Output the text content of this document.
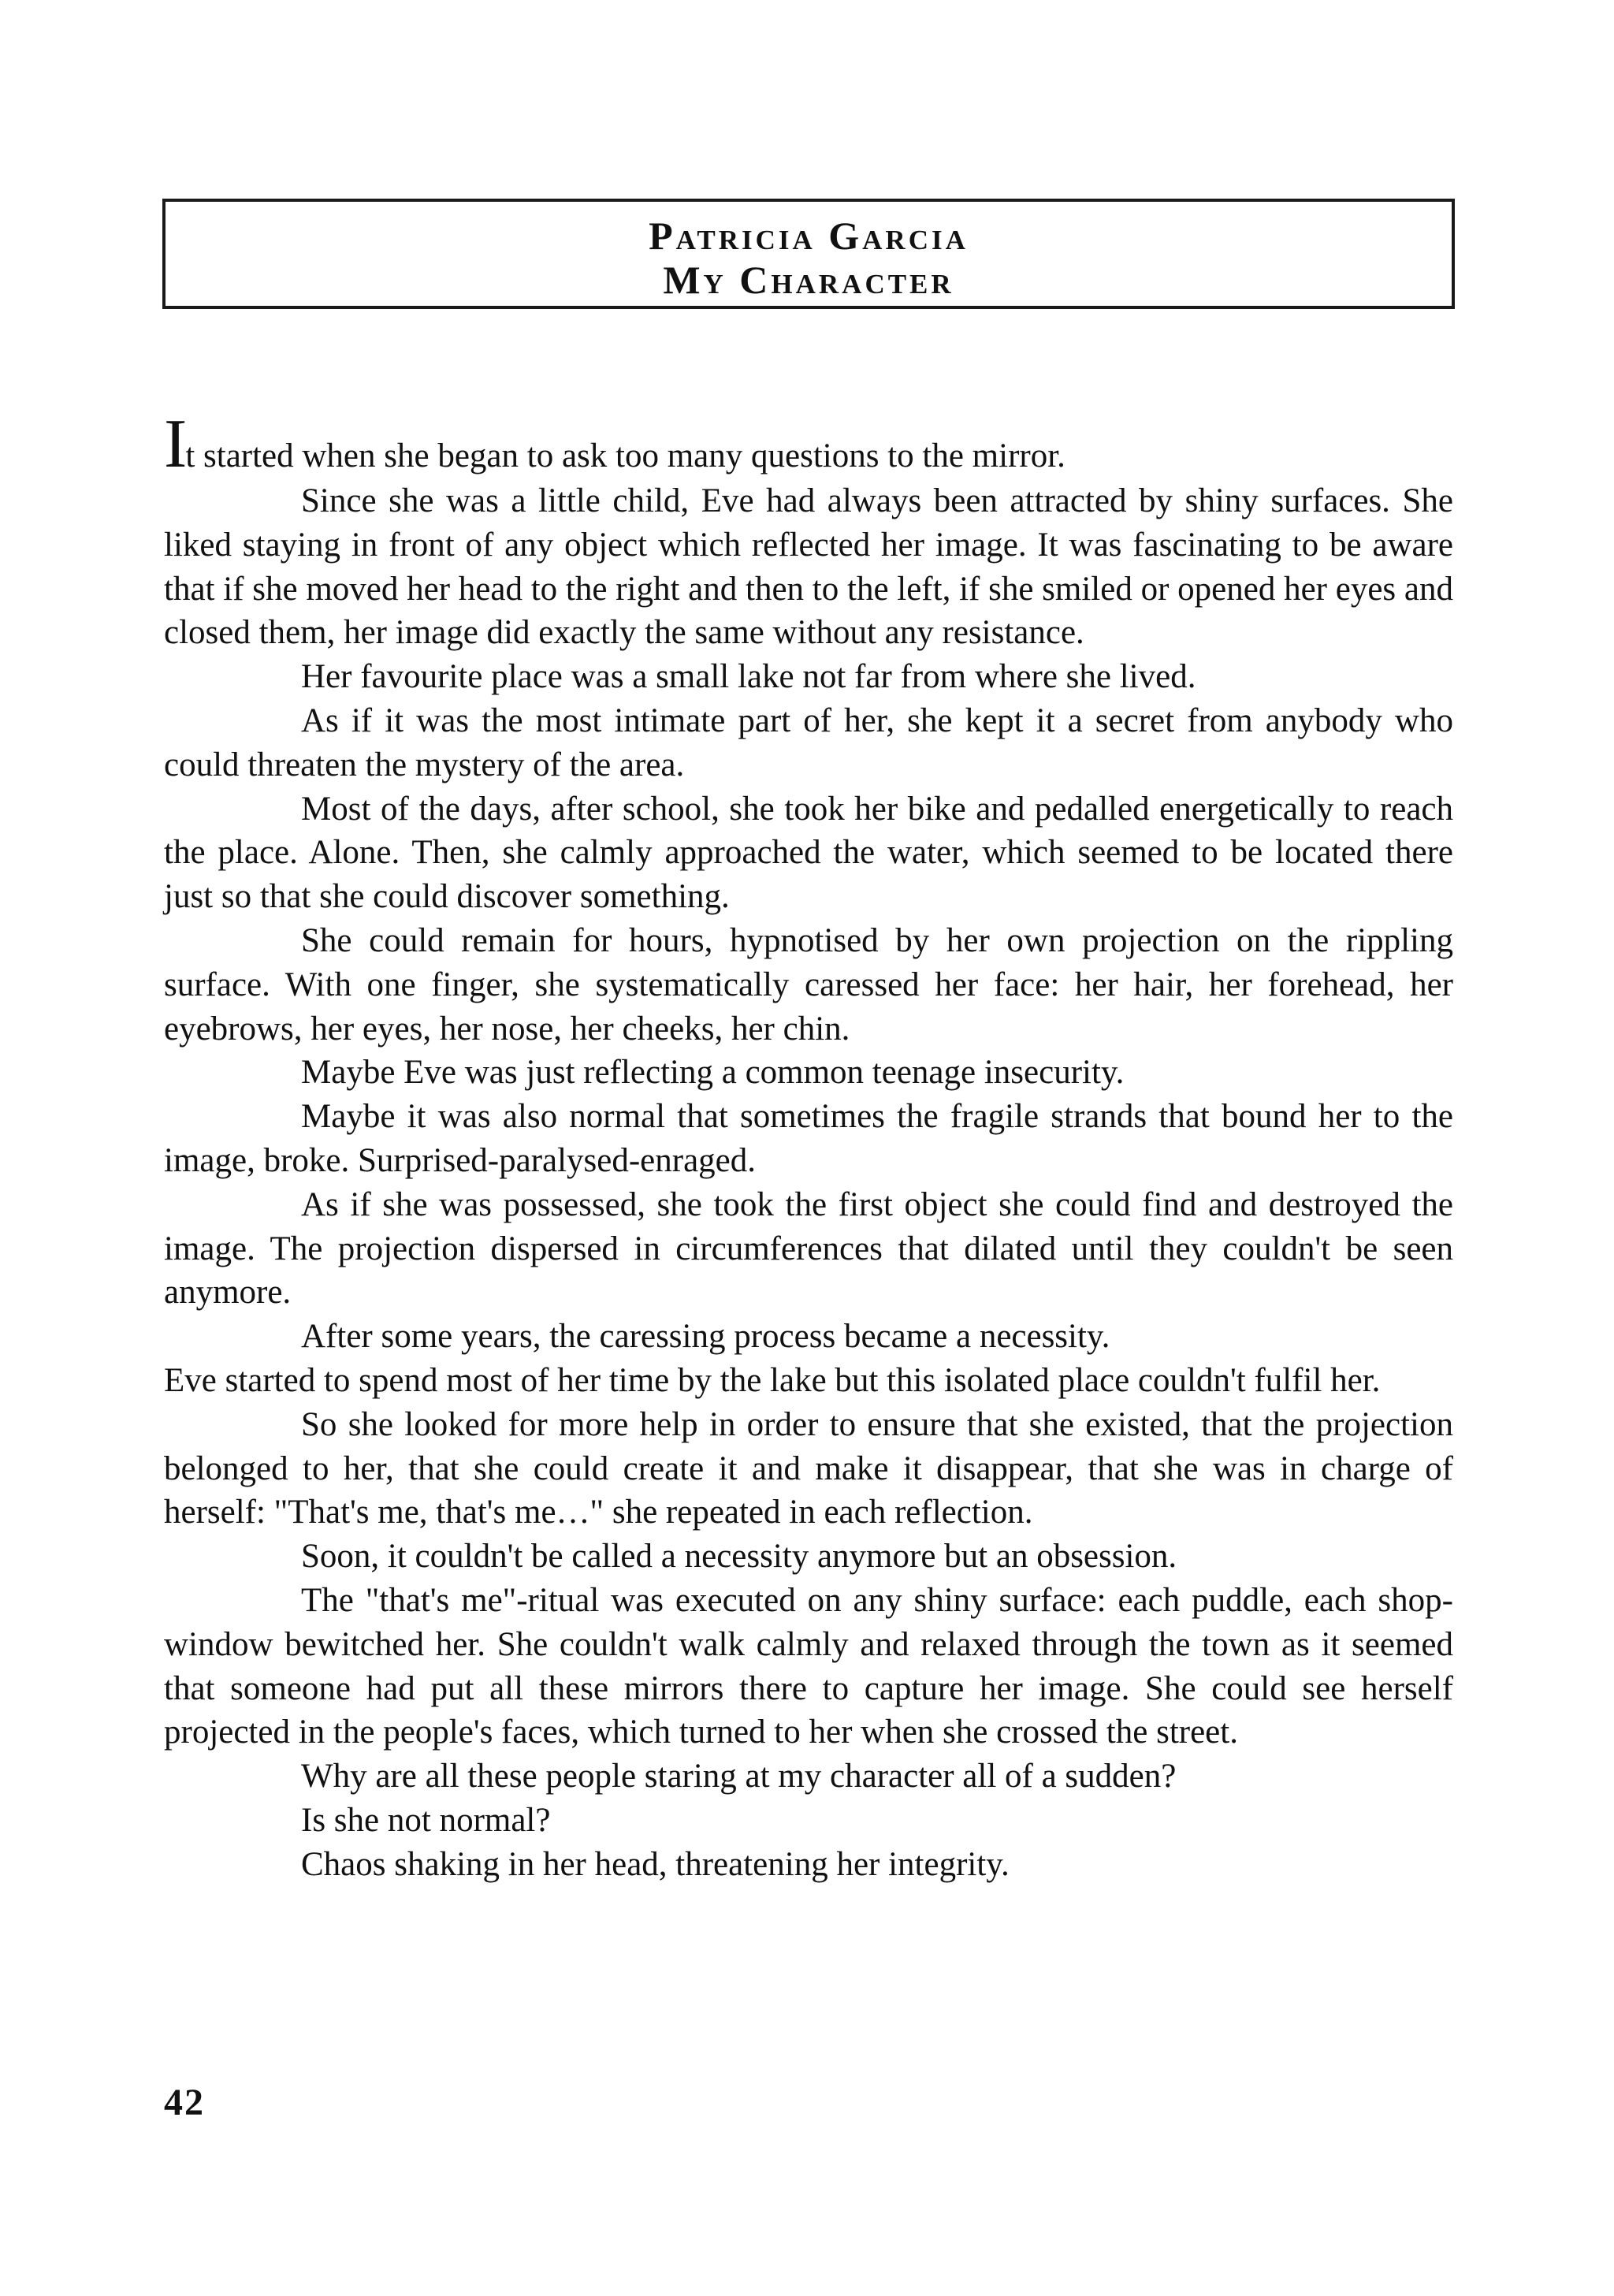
Patricia Garcia
My Character

It started when she began to ask too many questions to the mirror.

Since she was a little child, Eve had always been attracted by shiny surfaces. She liked staying in front of any object which reflected her image. It was fascinating to be aware that if she moved her head to the right and then to the left, if she smiled or opened her eyes and closed them, her image did exactly the same without any resistance.

Her favourite place was a small lake not far from where she lived.

As if it was the most intimate part of her, she kept it a secret from anybody who could threaten the mystery of the area.

Most of the days, after school, she took her bike and pedalled energetically to reach the place. Alone. Then, she calmly approached the water, which seemed to be located there just so that she could discover something.

She could remain for hours, hypnotised by her own projection on the rippling surface. With one finger, she systematically caressed her face: her hair, her forehead, her eyebrows, her eyes, her nose, her cheeks, her chin.

Maybe Eve was just reflecting a common teenage insecurity.

Maybe it was also normal that sometimes the fragile strands that bound her to the image, broke. Surprised-paralysed-enraged.

As if she was possessed, she took the first object she could find and destroyed the image. The projection dispersed in circumferences that dilated until they couldn't be seen anymore.

After some years, the caressing process became a necessity.

Eve started to spend most of her time by the lake but this isolated place couldn't fulfil her.

So she looked for more help in order to ensure that she existed, that the projection belonged to her, that she could create it and make it disappear, that she was in charge of herself: "That's me, that's me…" she repeated in each reflection.

Soon, it couldn't be called a necessity anymore but an obsession.

The "that's me"-ritual was executed on any shiny surface: each puddle, each shop-window bewitched her. She couldn't walk calmly and relaxed through the town as it seemed that someone had put all these mirrors there to capture her image. She could see herself projected in the people's faces, which turned to her when she crossed the street.

Why are all these people staring at my character all of a sudden?

Is she not normal?

Chaos shaking in her head, threatening her integrity.

42
